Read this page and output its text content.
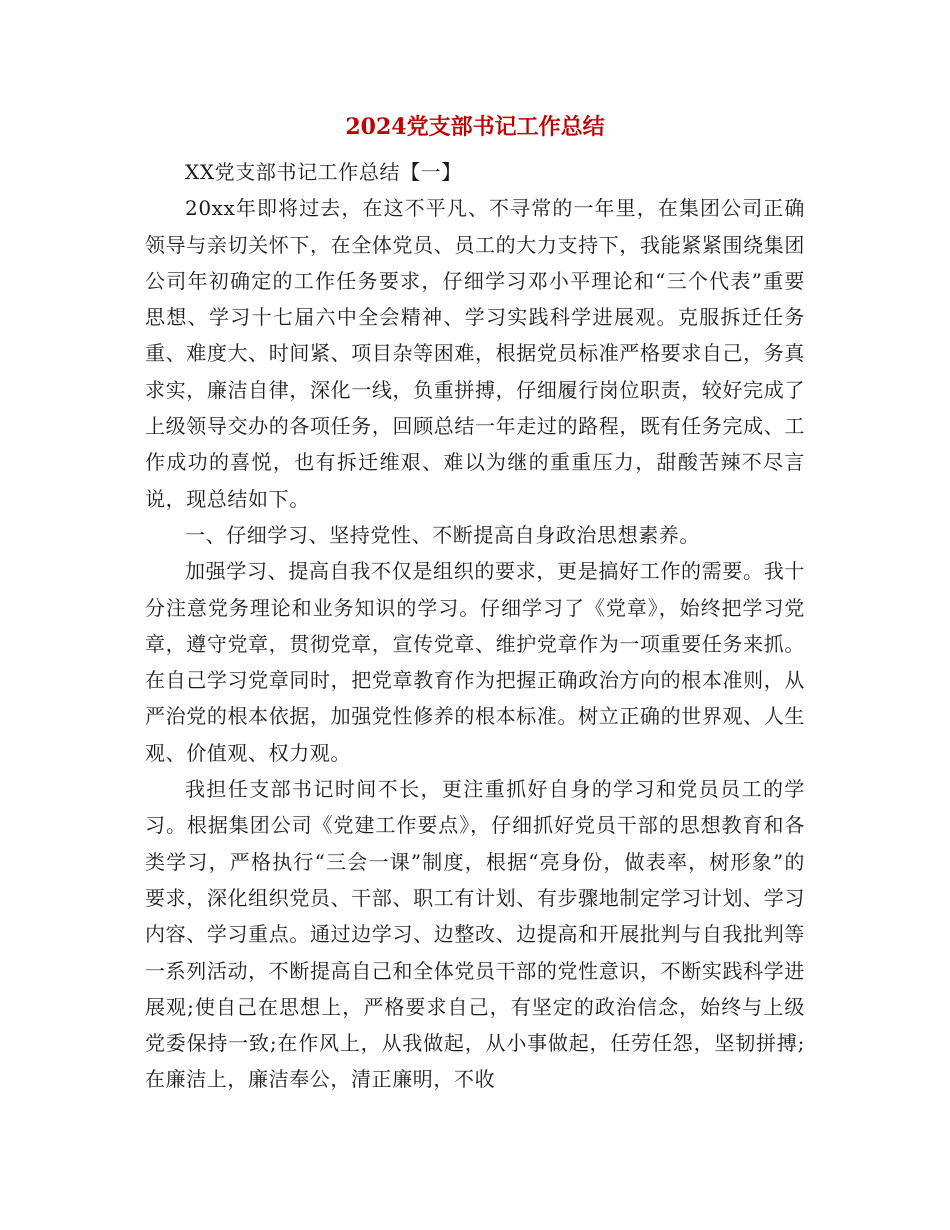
2024党支部书记工作总结

XX党支部书记工作总结【一】

20xx年即将过去，在这不平凡、不寻常的一年里，在集团公司正确领导与亲切关怀下，在全体党员、员工的大力支持下，我能紧紧围绕集团公司年初确定的工作任务要求，仔细学习邓小平理论和“三个代表”重要思想、学习十七届六中全会精神、学习实践科学进展观。克服拆迁任务重、难度大、时间紧、项目杂等困难，根据党员标准严格要求自己，务真求实，廉洁自律，深化一线，负重拼搏，仔细履行岗位职责，较好完成了上级领导交办的各项任务，回顾总结一年走过的路程，既有任务完成、工作成功的喜悦，也有拆迁维艰、难以为继的重重压力，甜酸苦辣不尽言说，现总结如下。

一、仔细学习、坚持党性、不断提高自身政治思想素养。

加强学习、提高自我不仅是组织的要求，更是搞好工作的需要。我十分注意党务理论和业务知识的学习。仔细学习了《党章》，始终把学习党章，遵守党章，贯彻党章，宣传党章、维护党章作为一项重要任务来抓。在自己学习党章同时，把党章教育作为把握正确政治方向的根本准则，从严治党的根本依据，加强党性修养的根本标准。树立正确的世界观、人生观、价值观、权力观。

我担任支部书记时间不长，更注重抓好自身的学习和党员员工的学习。根据集团公司《党建工作要点》，仔细抓好党员干部的思想教育和各类学习，严格执行“三会一课”制度，根据“亮身份，做表率，树形象”的要求，深化组织党员、干部、职工有计划、有步骤地制定学习计划、学习内容、学习重点。通过边学习、边整改、边提高和开展批判与自我批判等一系列活动，不断提高自己和全体党员干部的党性意识，不断实践科学进展观;使自己在思想上，严格要求自己，有坚定的政治信念，始终与上级党委保持一致;在作风上，从我做起，从小事做起，任劳任怨，坚韧拼搏;在廉洁上，廉洁奉公，清正廉明，不收
